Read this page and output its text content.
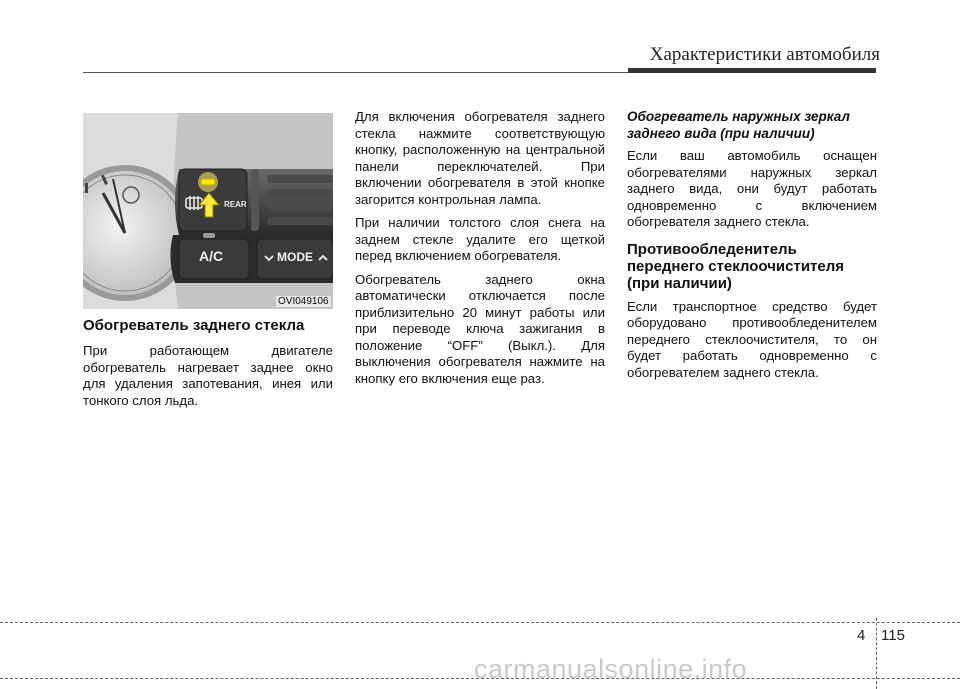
Характеристики автомобиля
REAR
A/C	MODE
OVI049106
Обогреватель заднего стекла

При работающем двигателе обогреватель нагревает заднее окно для удаления запотевания, инея или тонкого слоя льда.

Для включения обогревателя заднего стекла нажмите соответствующую кнопку, расположенную на центральной панели переключателей. При включении обогревателя в этой кнопке загорится контрольная лампа.

При наличии толстого слоя снега на заднем стекле удалите его щеткой перед включением обогревателя.

Обогреватель заднего окна автоматически отключается после приблизительно 20 минут работы или при переводе ключа зажигания в положение “OFF” (Выкл.). Для выключения обогревателя нажмите на кнопку его включения еще раз.

Обогреватель наружных зеркал заднего вида (при наличии)

Если ваш автомобиль оснащен обогревателями наружных зеркал заднего вида, они будут работать одновременно с включением обогревателя заднего стекла.

Противообледенитель переднего стеклоочистителя (при наличии)

Если транспортное средство будет оборудовано противообледенителем переднего стеклоочистителя, то он будет работать одновременно с обогревателем заднего стекла.

4 115
carmanualsonline.info
